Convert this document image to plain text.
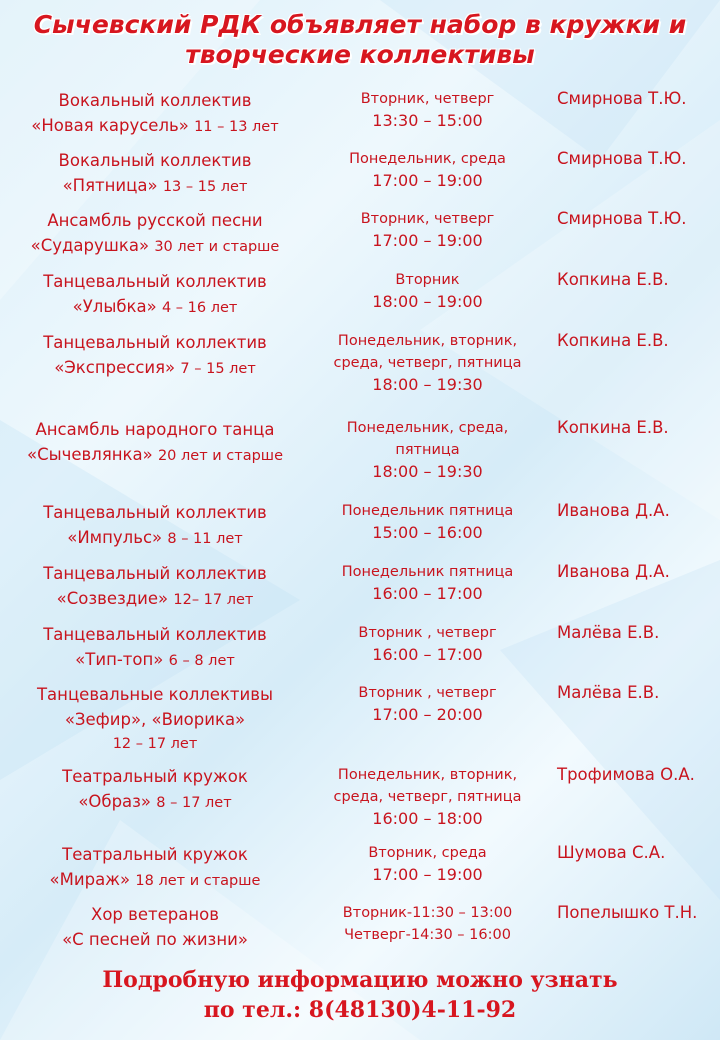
Сычевский РДК объявляет набор в кружки и
творческие коллективы
Вокальный коллектив
«Новая карусель» 11 – 13 лет
Вторник, четверг
13:30 – 15:00
Смирнова Т.Ю.
Вокальный коллектив
«Пятница» 13 – 15 лет
Понедельник, среда
17:00 – 19:00
Смирнова Т.Ю.
Ансамбль русской песни
«Сударушка» 30 лет и старше
Вторник, четверг
17:00 – 19:00
Смирнова Т.Ю.
Танцевальный коллектив
«Улыбка» 4 – 16 лет
Вторник
18:00 – 19:00
Копкина Е.В.
Танцевальный коллектив
«Экспрессия» 7 – 15 лет
Понедельник, вторник,
среда, четверг, пятница
18:00 – 19:30
Копкина Е.В.
Ансамбль народного танца
«Сычевлянка» 20 лет и старше
Понедельник, среда,
пятница
18:00 – 19:30
Копкина Е.В.
Танцевальный коллектив
«Импульс» 8 – 11 лет
Понедельник пятница
15:00 – 16:00
Иванова Д.А.
Танцевальный коллектив
«Созвездие» 12– 17 лет
Понедельник пятница
16:00 – 17:00
Иванова Д.А.
Танцевальный коллектив
«Тип-топ» 6 – 8 лет
Вторник , четверг
16:00 – 17:00
Малёва Е.В.
Танцевальные коллективы
«Зефир», «Виорика»
12 – 17 лет
Вторник , четверг
17:00 – 20:00
Малёва Е.В.
Театральный кружок
«Образ» 8 – 17 лет
Понедельник, вторник,
среда, четверг, пятница
16:00 – 18:00
Трофимова О.А.
Театральный кружок
«Мираж» 18 лет и старше
Вторник, среда
17:00 – 19:00
Шумова С.А.
Хор ветеранов
«С песней по жизни»
Вторник-11:30 – 13:00
Четверг-14:30 – 16:00
Попелышко Т.Н.
Подробную информацию можно узнать
по тел.: 8(48130)4-11-92
